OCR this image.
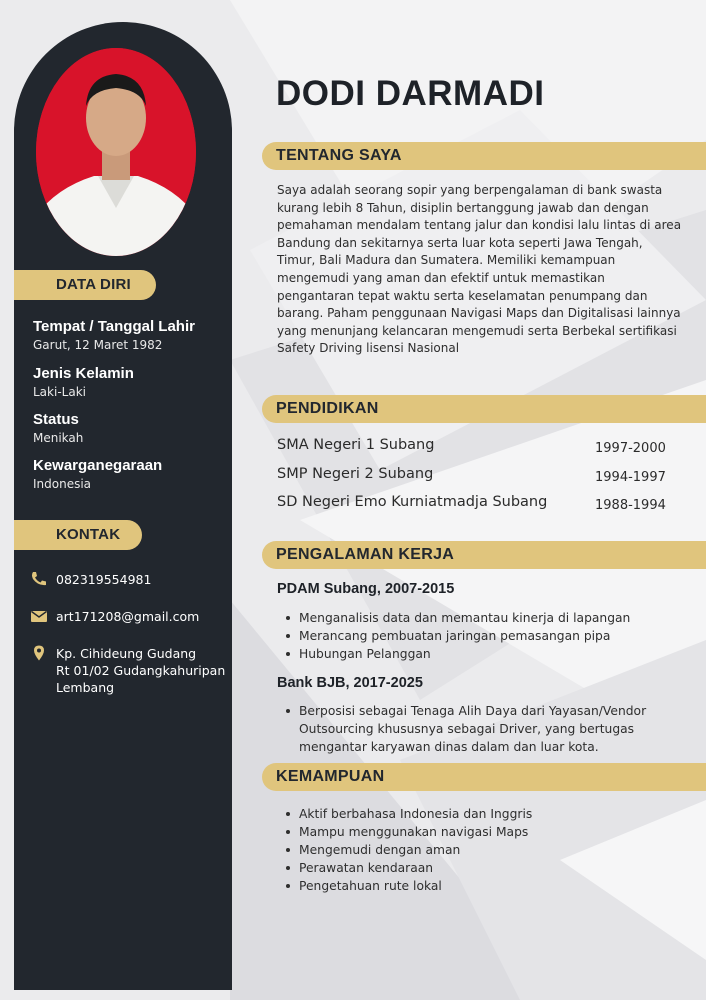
DATA DIRI
Tempat / Tanggal Lahir
Garut, 12 Maret 1982
Jenis Kelamin
Laki-Laki
Status
Menikah
Kewarganegaraan
Indonesia
KONTAK
082319554981
art171208@gmail.com
Kp. Cihideung Gudang
Rt 01/02 Gudangkahuripan
Lembang
DODI DARMADI
TENTANG SAYA
Saya adalah seorang sopir yang berpengalaman di bank swasta
kurang lebih 8 Tahun, disiplin bertanggung jawab dan dengan
pemahaman mendalam tentang jalur dan kondisi lalu lintas di area
Bandung dan sekitarnya serta luar kota seperti Jawa Tengah,
Timur, Bali Madura dan Sumatera. Memiliki kemampuan
mengemudi yang aman dan efektif untuk memastikan
pengantaran tepat waktu serta keselamatan penumpang dan
barang. Paham penggunaan Navigasi Maps dan Digitalisasi lainnya
yang menunjang kelancaran mengemudi serta Berbekal sertifikasi
Safety Driving lisensi Nasional
PENDIDIKAN
SMA Negeri 1 Subang	1997-2000
SMP Negeri 2 Subang	1994-1997
SD Negeri Emo Kurniatmadja Subang	1988-1994
PENGALAMAN KERJA
PDAM Subang, 2007-2015
Menganalisis data dan memantau kinerja di lapangan
Merancang pembuatan jaringan pemasangan pipa
Hubungan Pelanggan
Bank BJB, 2017-2025
Berposisi sebagai Tenaga Alih Daya dari Yayasan/Vendor
Outsourcing khususnya sebagai Driver, yang bertugas
mengantar karyawan dinas dalam dan luar kota.
KEMAMPUAN
Aktif berbahasa Indonesia dan Inggris
Mampu menggunakan navigasi Maps
Mengemudi dengan aman
Perawatan kendaraan
Pengetahuan rute lokal
